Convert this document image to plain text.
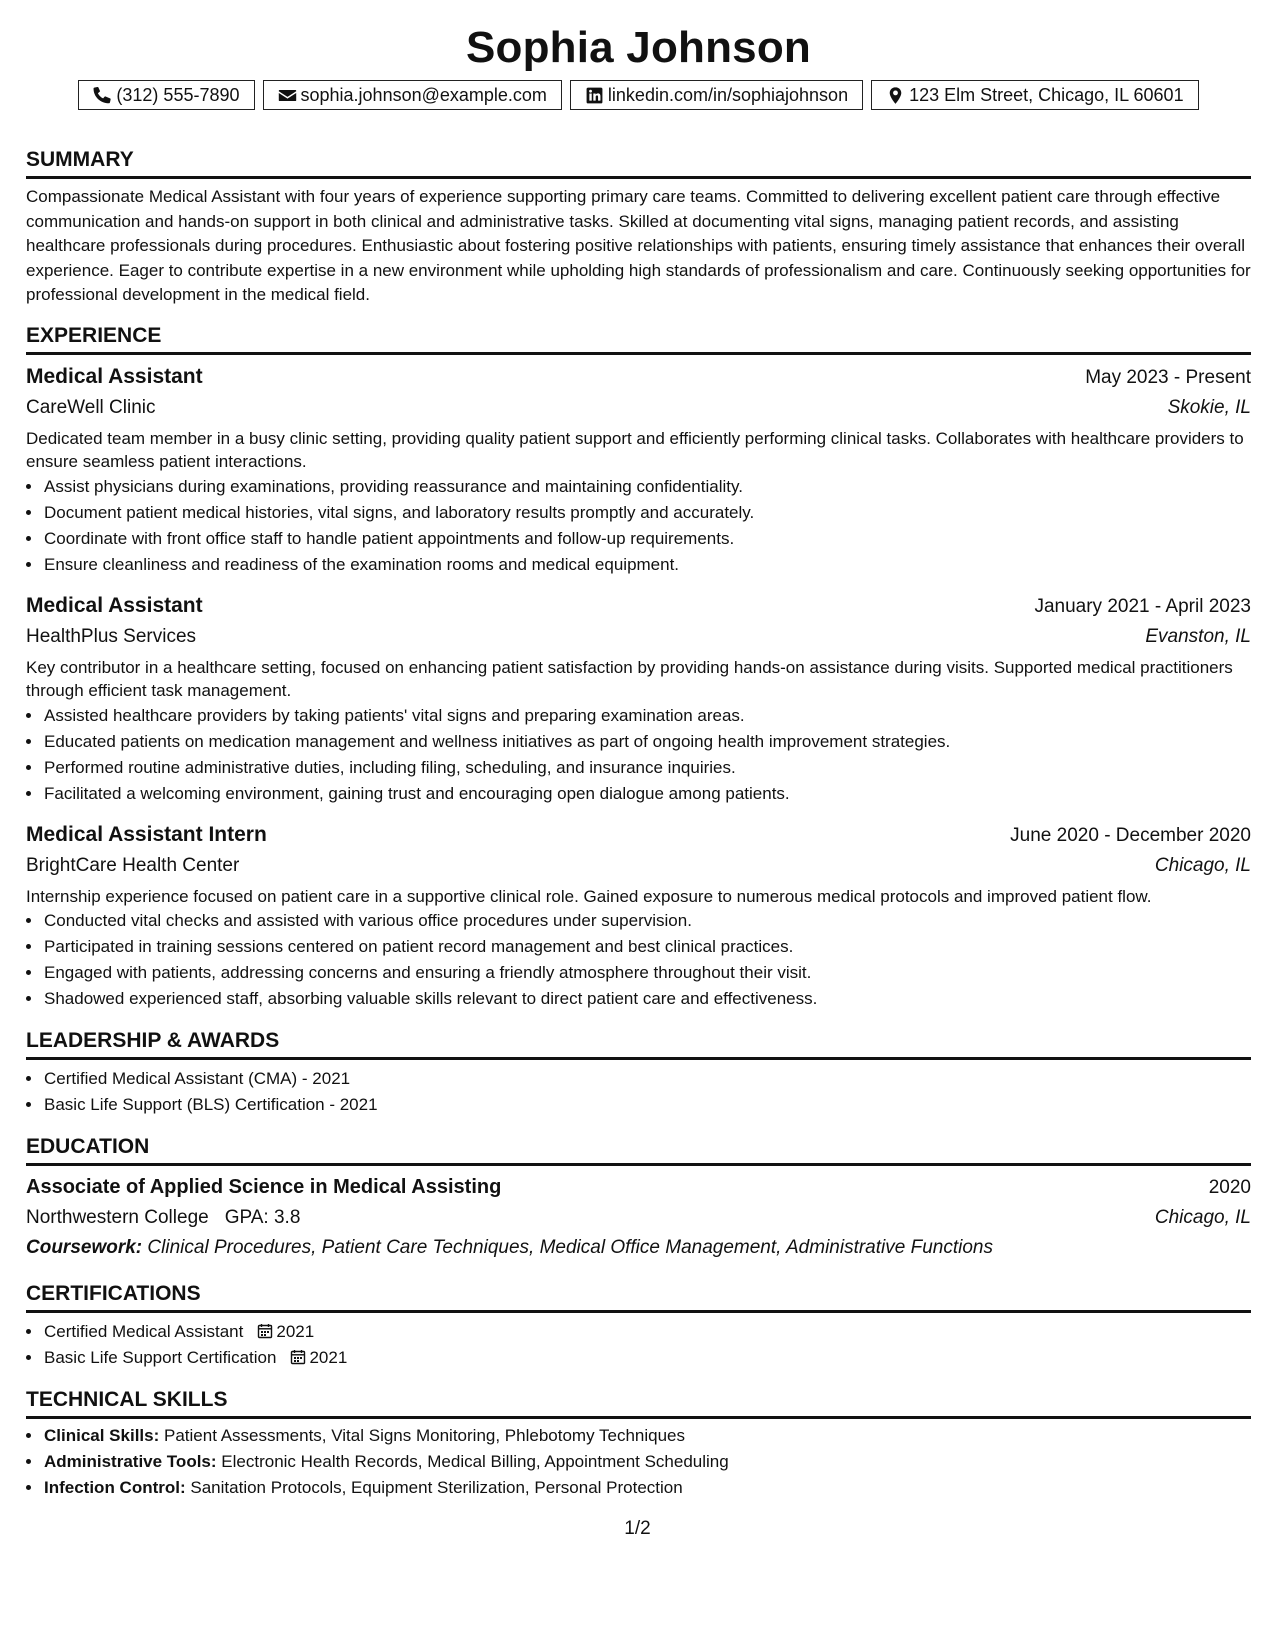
Sophia Johnson
(312) 555-7890	sophia.johnson@example.com	linkedin.com/in/sophiajohnson	123 Elm Street, Chicago, IL 60601
SUMMARY

Compassionate Medical Assistant with four years of experience supporting primary care teams. Committed to delivering excellent patient care through effective communication and hands-on support in both clinical and administrative tasks. Skilled at documenting vital signs, managing patient records, and assisting healthcare professionals during procedures. Enthusiastic about fostering positive relationships with patients, ensuring timely assistance that enhances their overall experience. Eager to contribute expertise in a new environment while upholding high standards of professionalism and care. Continuously seeking opportunities for professional development in the medical field.

EXPERIENCE
Medical Assistant	May 2023 - Present
CareWell Clinic	Skokie, IL

Dedicated team member in a busy clinic setting, providing quality patient support and efficiently performing clinical tasks. Collaborates with healthcare providers to ensure seamless patient interactions.

• Assist physicians during examinations, providing reassurance and maintaining confidentiality.
• Document patient medical histories, vital signs, and laboratory results promptly and accurately.
• Coordinate with front office staff to handle patient appointments and follow-up requirements.
• Ensure cleanliness and readiness of the examination rooms and medical equipment.
Medical Assistant	January 2021 - April 2023
HealthPlus Services	Evanston, IL

Key contributor in a healthcare setting, focused on enhancing patient satisfaction by providing hands-on assistance during visits. Supported medical practitioners through efficient task management.

• Assisted healthcare providers by taking patients' vital signs and preparing examination areas.
• Educated patients on medication management and wellness initiatives as part of ongoing health improvement strategies.
• Performed routine administrative duties, including filing, scheduling, and insurance inquiries.
• Facilitated a welcoming environment, gaining trust and encouraging open dialogue among patients.
Medical Assistant Intern	June 2020 - December 2020
BrightCare Health Center	Chicago, IL

Internship experience focused on patient care in a supportive clinical role. Gained exposure to numerous medical protocols and improved patient flow.

• Conducted vital checks and assisted with various office procedures under supervision.
• Participated in training sessions centered on patient record management and best clinical practices.
• Engaged with patients, addressing concerns and ensuring a friendly atmosphere throughout their visit.
• Shadowed experienced staff, absorbing valuable skills relevant to direct patient care and effectiveness.
LEADERSHIP & AWARDS
• Certified Medical Assistant (CMA) - 2021
• Basic Life Support (BLS) Certification - 2021
EDUCATION
Associate of Applied Science in Medical Assisting	2020
Northwestern College GPA: 3.8	Chicago, IL
Coursework: Clinical Procedures, Patient Care Techniques, Medical Office Management, Administrative Functions
CERTIFICATIONS
• Certified Medical Assistant 2021
• Basic Life Support Certification 2021
TECHNICAL SKILLS
• Clinical Skills: Patient Assessments, Vital Signs Monitoring, Phlebotomy Techniques
• Administrative Tools: Electronic Health Records, Medical Billing, Appointment Scheduling
• Infection Control: Sanitation Protocols, Equipment Sterilization, Personal Protection
1/2
